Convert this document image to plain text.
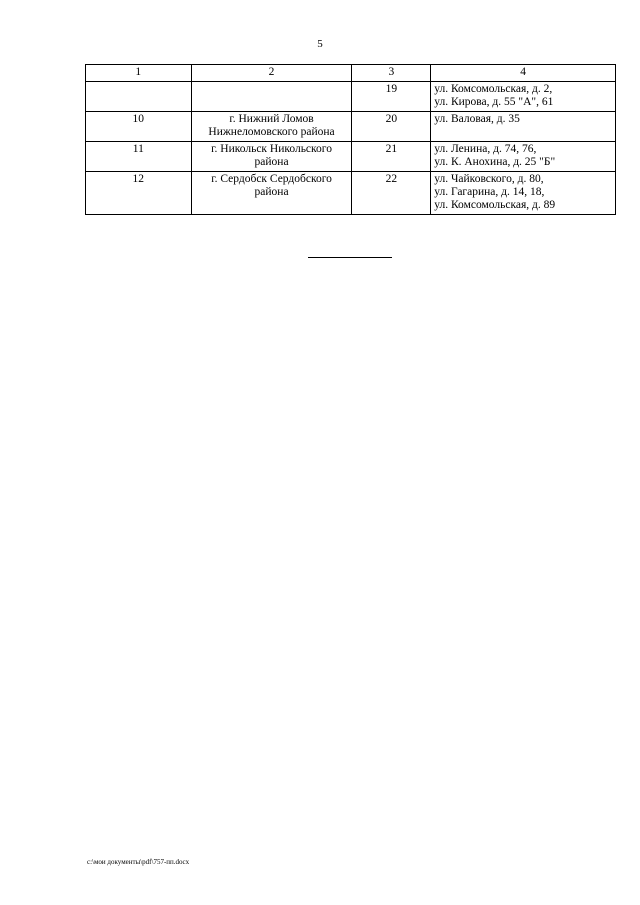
5
1	2	3	4
		19	ул. Комсомольская, д. 2,
ул. Кирова, д. 55 "А", 61

10	г. Нижний Ломов
Нижнеломовского района	20	ул. Валовая, д. 35

11	г. Никольск Никольского
района	21	ул. Ленина, д. 74, 76,
ул. К. Анохина, д. 25 "Б"

12	г. Сердобск Сердобского
района	22	ул. Чайковского, д. 80,
ул. Гагарина, д. 14, 18,
ул. Комсомольская, д. 89
c:\мои документы\pdf\757-пп.docx
